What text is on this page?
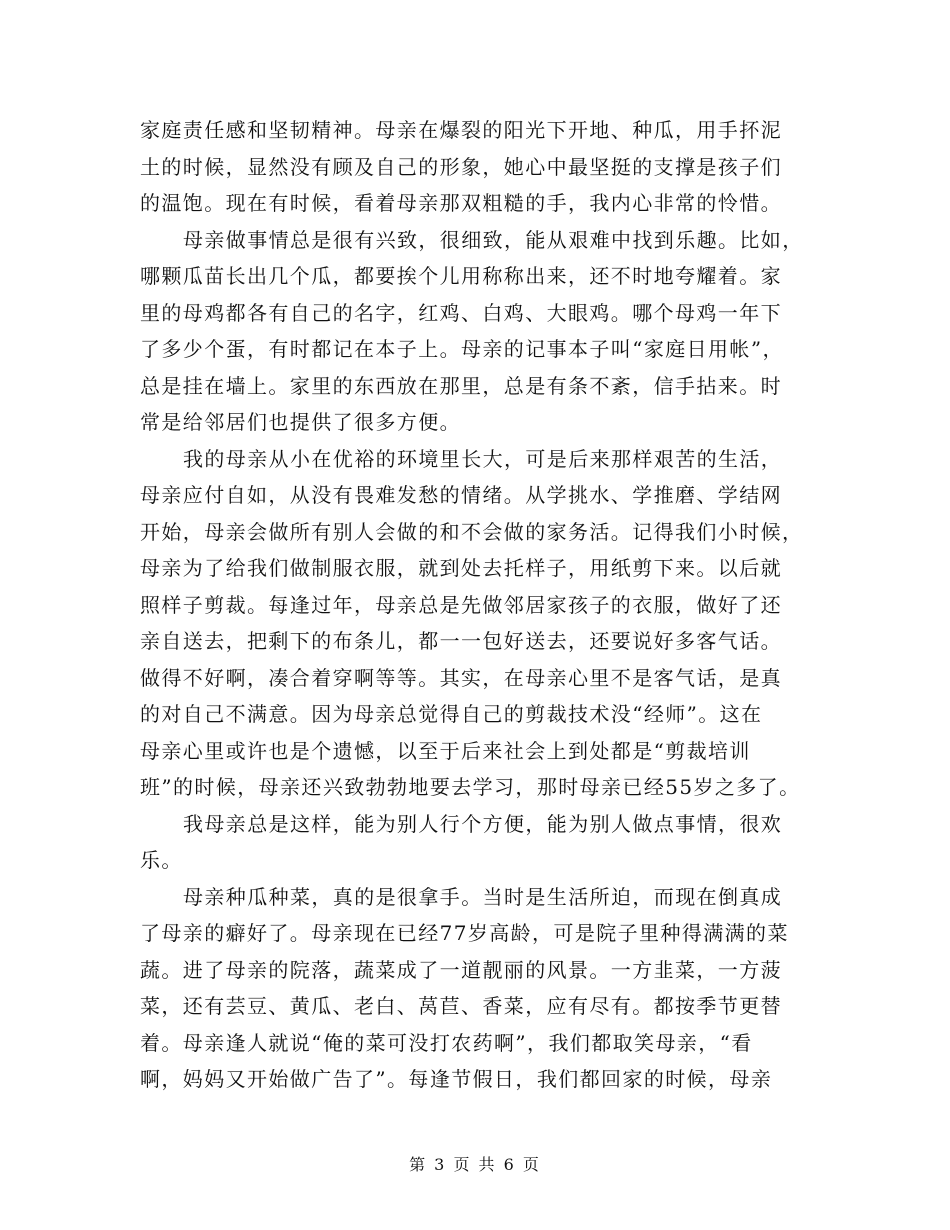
家庭责任感和坚韧精神。母亲在爆裂的阳光下开地、种瓜，用手抔泥
土的时候，显然没有顾及自己的形象，她心中最坚挺的支撑是孩子们
的温饱。现在有时候，看着母亲那双粗糙的手，我内心非常的怜惜。
母亲做事情总是很有兴致，很细致，能从艰难中找到乐趣。比如，
哪颗瓜苗长出几个瓜，都要挨个儿用称称出来，还不时地夸耀着。家
里的母鸡都各有自己的名字，红鸡、白鸡、大眼鸡。哪个母鸡一年下
了多少个蛋，有时都记在本子上。母亲的记事本子叫“家庭日用帐”，
总是挂在墙上。家里的东西放在那里，总是有条不紊，信手拈来。时
常是给邻居们也提供了很多方便。
我的母亲从小在优裕的环境里长大，可是后来那样艰苦的生活，
母亲应付自如，从没有畏难发愁的情绪。从学挑水、学推磨、学结网
开始，母亲会做所有别人会做的和不会做的家务活。记得我们小时候，
母亲为了给我们做制服衣服，就到处去托样子，用纸剪下来。以后就
照样子剪裁。每逢过年，母亲总是先做邻居家孩子的衣服，做好了还
亲自送去，把剩下的布条儿，都一一包好送去，还要说好多客气话。
做得不好啊，凑合着穿啊等等。其实，在母亲心里不是客气话，是真
的对自己不满意。因为母亲总觉得自己的剪裁技术没“经师”。这在
母亲心里或许也是个遗憾，以至于后来社会上到处都是“剪裁培训
班”的时候，母亲还兴致勃勃地要去学习，那时母亲已经55岁之多了。
我母亲总是这样，能为别人行个方便，能为别人做点事情，很欢
乐。
母亲种瓜种菜，真的是很拿手。当时是生活所迫，而现在倒真成
了母亲的癖好了。母亲现在已经77岁高龄，可是院子里种得满满的菜
蔬。进了母亲的院落，蔬菜成了一道靓丽的风景。一方韭菜，一方菠
菜，还有芸豆、黄瓜、老白、莴苣、香菜，应有尽有。都按季节更替
着。母亲逢人就说“俺的菜可没打农药啊”，我们都取笑母亲，“看
啊，妈妈又开始做广告了”。每逢节假日，我们都回家的时候，母亲
第 3 页 共 6 页
